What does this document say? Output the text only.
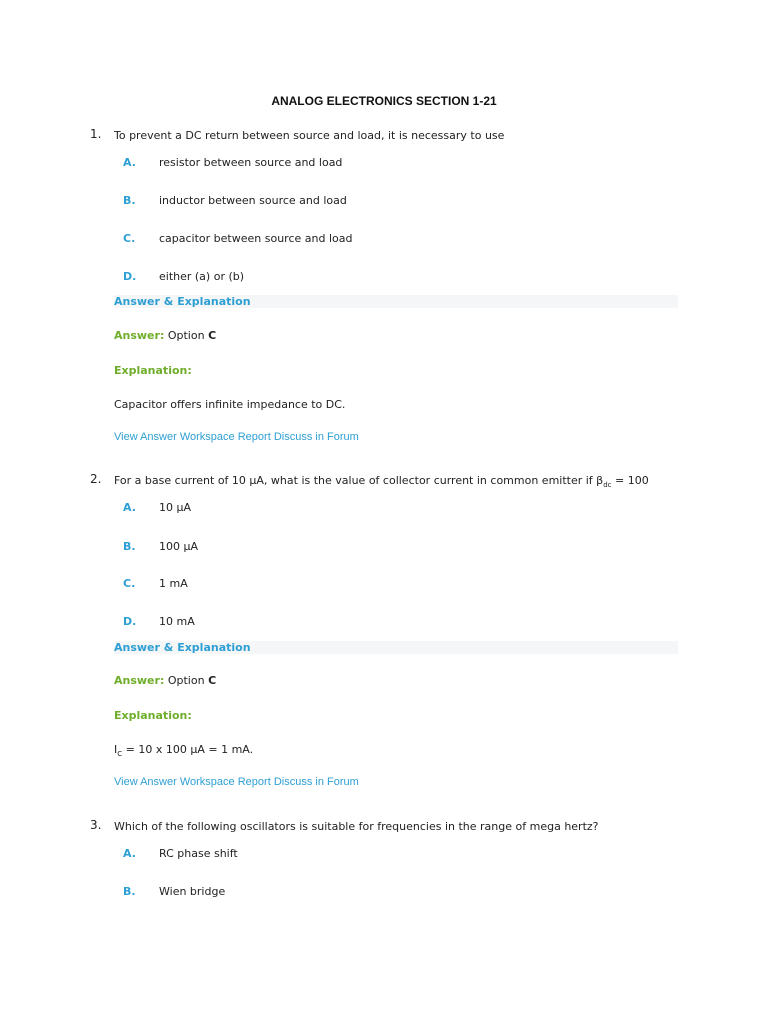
ANALOG ELECTRONICS SECTION 1-21
1. To prevent a DC return between source and load, it is necessary to use
A. resistor between source and load
B. inductor between source and load
C. capacitor between source and load
D. either (a) or (b)
Answer & Explanation
Answer: Option C
Explanation:
Capacitor offers infinite impedance to DC.
View Answer Workspace Report Discuss in Forum
2. For a base current of 10 µA, what is the value of collector current in common emitter if $\beta_{dc} = 100$
A. 10 µA
B. 100 µA
C. 1 mA
D. 10 mA
Answer & Explanation
Answer: Option C
Explanation:
$I_C = 10$ x 100 µA = 1 mA.
View Answer Workspace Report Discuss in Forum
3. Which of the following oscillators is suitable for frequencies in the range of mega hertz?
A. RC phase shift
B. Wien bridge
